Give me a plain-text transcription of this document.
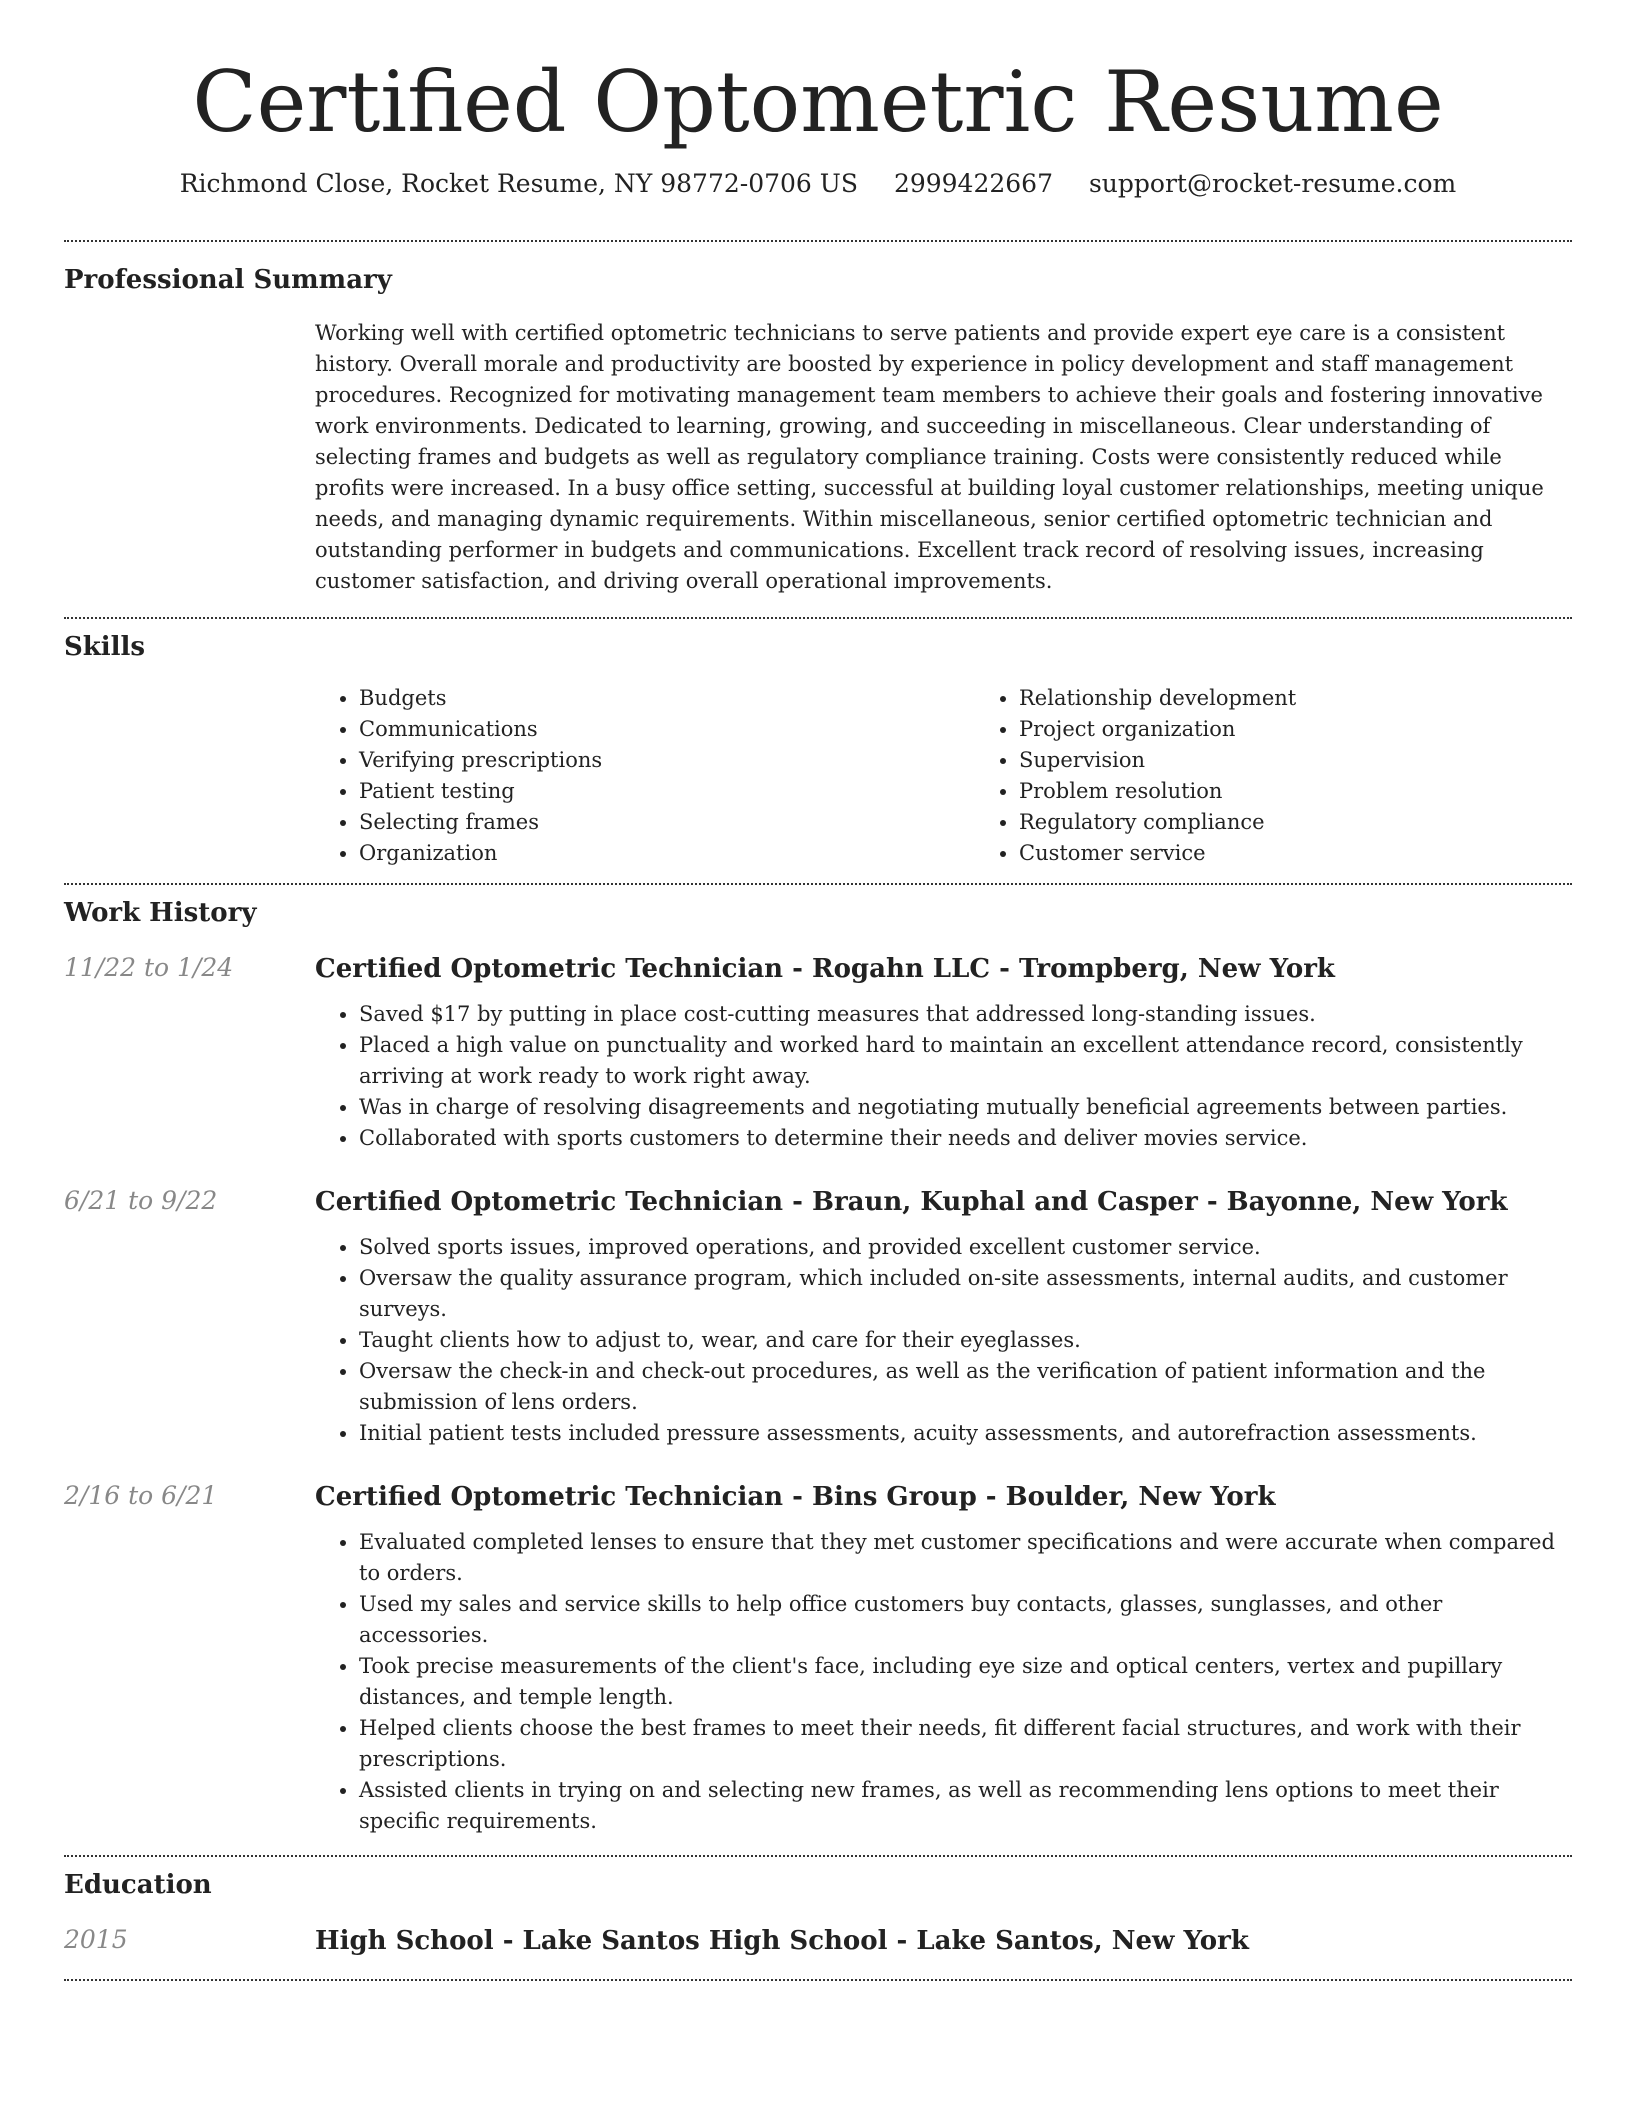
Certified Optometric Resume
Richmond Close, Rocket Resume, NY 98772-0706 US 2999422667 support@rocket-resume.com
Professional Summary

Working well with certified optometric technicians to serve patients and provide expert eye care is a consistent history. Overall morale and productivity are boosted by experience in policy development and staff management procedures. Recognized for motivating management team members to achieve their goals and fostering innovative work environments. Dedicated to learning, growing, and succeeding in miscellaneous. Clear understanding of selecting frames and budgets as well as regulatory compliance training. Costs were consistently reduced while profits were increased. In a busy office setting, successful at building loyal customer relationships, meeting unique needs, and managing dynamic requirements. Within miscellaneous, senior certified optometric technician and outstanding performer in budgets and communications. Excellent track record of resolving issues, increasing customer satisfaction, and driving overall operational improvements.

Skills
• Budgets
• Communications
• Verifying prescriptions
• Patient testing
• Selecting frames
• Organization
• Relationship development
• Project organization
• Supervision
• Problem resolution
• Regulatory compliance
• Customer service
Work History
11/22 to 1/24	Certified Optometric Technician - Rogahn LLC - Trompberg, New York
• Saved $17 by putting in place cost-cutting measures that addressed long-standing issues.
• Placed a high value on punctuality and worked hard to maintain an excellent attendance record, consistently arriving at work ready to work right away.
• Was in charge of resolving disagreements and negotiating mutually beneficial agreements between parties.
• Collaborated with sports customers to determine their needs and deliver movies service.
6/21 to 9/22	Certified Optometric Technician - Braun, Kuphal and Casper - Bayonne, New York
• Solved sports issues, improved operations, and provided excellent customer service.
• Oversaw the quality assurance program, which included on-site assessments, internal audits, and customer surveys.
• Taught clients how to adjust to, wear, and care for their eyeglasses.
• Oversaw the check-in and check-out procedures, as well as the verification of patient information and the submission of lens orders.
• Initial patient tests included pressure assessments, acuity assessments, and autorefraction assessments.
2/16 to 6/21	Certified Optometric Technician - Bins Group - Boulder, New York
• Evaluated completed lenses to ensure that they met customer specifications and were accurate when compared to orders.
• Used my sales and service skills to help office customers buy contacts, glasses, sunglasses, and other accessories.
• Took precise measurements of the client's face, including eye size and optical centers, vertex and pupillary distances, and temple length.
• Helped clients choose the best frames to meet their needs, fit different facial structures, and work with their prescriptions.
• Assisted clients in trying on and selecting new frames, as well as recommending lens options to meet their specific requirements.
Education
2015	High School - Lake Santos High School - Lake Santos, New York
